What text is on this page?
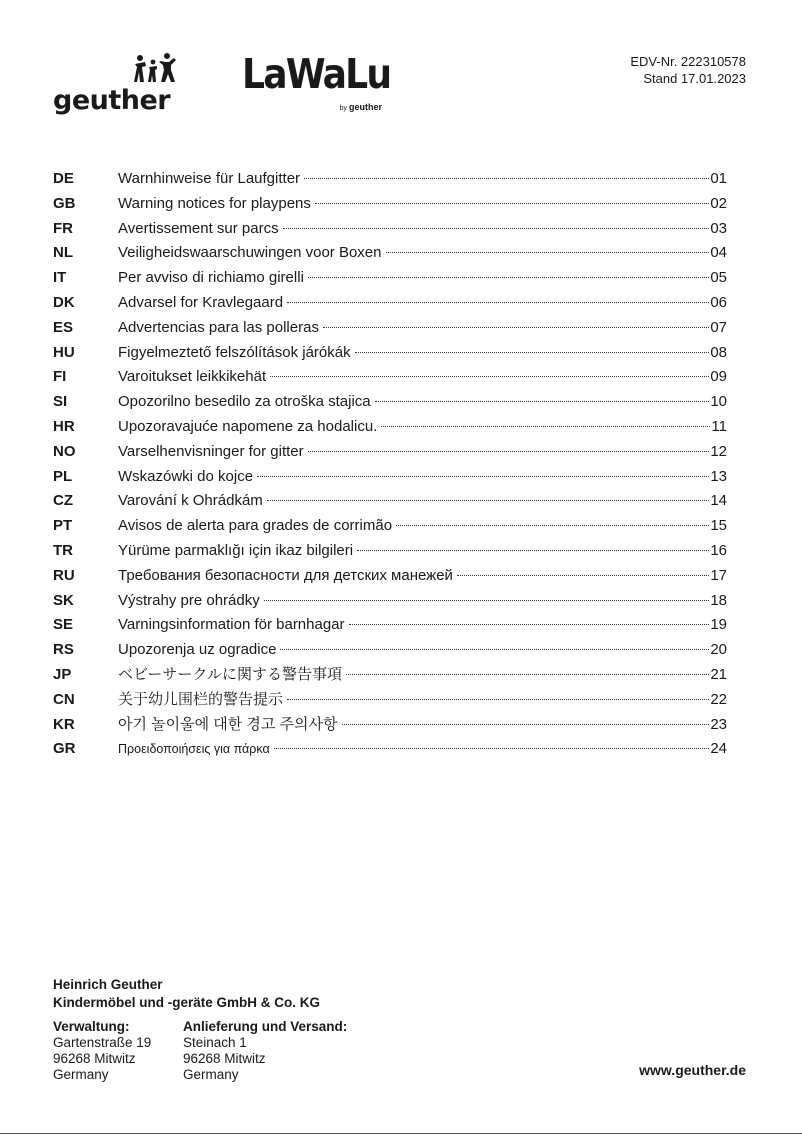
geuther
LaWaLu
by geuther
EDV-Nr. 222310578
Stand 17.01.2023
DE	Warnhinweise für Laufgitter	01
GB	Warning notices for playpens	02
FR	Avertissement sur parcs	03
NL	Veiligheidswaarschuwingen voor Boxen	04
IT	Per avviso di richiamo girelli	05
DK	Advarsel for Kravlegaard	06
ES	Advertencias para las polleras	07
HU	Figyelmeztető felszólítások járókák	08
FI	Varoitukset leikkikehät	09
SI	Opozorilno besedilo za otroška stajica	10
HR	Upozoravajuće napomene za hodalicu.	11
NO	Varselhenvisninger for gitter	12
PL	Wskazówki do kojce	13
CZ	Varování k Ohrádkám	14
PT	Avisos de alerta para grades de corrimão	15
TR	Yürüme parmaklığı için ikaz bilgileri	16
RU	Требования безопасности для детских манежей	17
SK	Výstrahy pre ohrádky	18
SE	Varningsinformation för barnhagar	19
RS	Upozorenja uz ogradice	20
JP	ベビーサークルに関する警告事項	21
CN	关于幼儿围栏的警告提示	22
KR	아기 놀이울에 대한 경고 주의사항	23
GR	Προειδοποιήσεις για πάρκα	24
Heinrich Geuther
Kindermöbel und -geräte GmbH & Co. KG
Verwaltung:
Gartenstraße 19
96268 Mitwitz
Germany
Anlieferung und Versand:
Steinach 1
96268 Mitwitz
Germany	www.geuther.de
